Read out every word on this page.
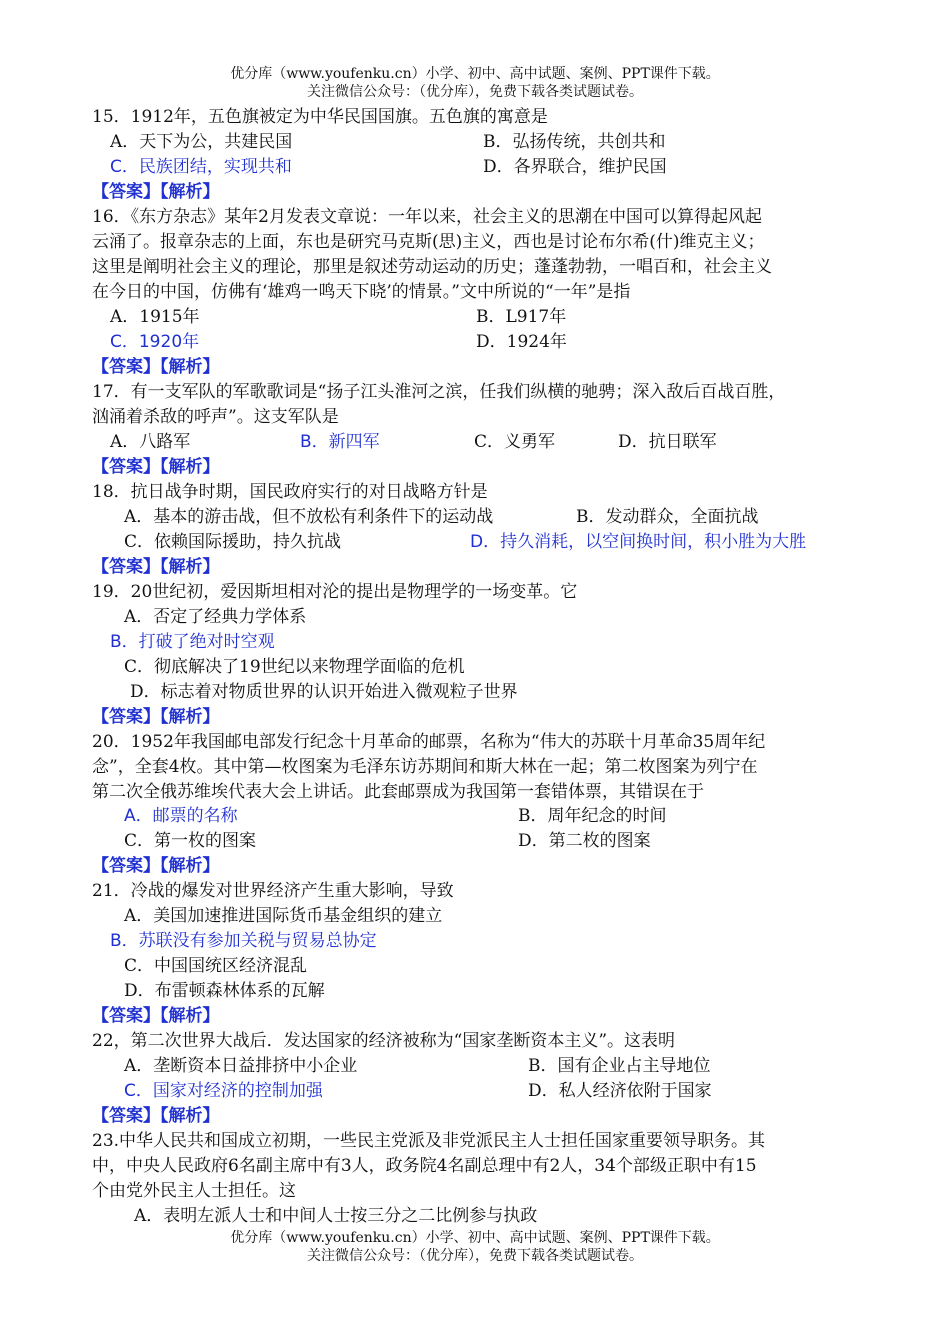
优分库（www.youfenku.cn）小学、初中、高中试题、案例、PPT课件下载。
关注微信公众号：（优分库），免费下载各类试题试卷。
15．1912年，五色旗被定为中华民国国旗。五色旗的寓意是
A．天下为公，共建民国	B．弘扬传统，共创共和
C．民族团结，实现共和	D．各界联合，维护民国
【答案】【解析】
16．《东方杂志》某年2月发表文章说：一年以来，社会主义的思潮在中国可以算得起风起
云涌了。报章杂志的上面，东也是研究马克斯(思)主义，西也是讨论布尔希(什)维克主义；
这里是阐明社会主义的理论，那里是叙述劳动运动的历史；蓬蓬勃勃，一唱百和，社会主义
在今日的中国，仿佛有‘雄鸡一鸣天下晓’的情景。”文中所说的“一年”是指
A．1915年	B．L917年
C．1920年	D．1924年
【答案】【解析】
17．有一支军队的军歌歌词是“扬子江头淮河之滨，任我们纵横的驰骋；深入敌后百战百胜，
汹涌着杀敌的呼声”。这支军队是
A．八路军	B．新四军	C．义勇军	D．抗日联军
【答案】【解析】
18．抗日战争时期，国民政府实行的对日战略方针是
A．基本的游击战，但不放松有利条件下的运动战	B．发动群众，全面抗战
C．依赖国际援助，持久抗战	D．持久消耗，以空间换时间，积小胜为大胜
【答案】【解析】
19．20世纪初，爱因斯坦相对沦的提出是物理学的一场变革。它
A．否定了经典力学体系
B．打破了绝对时空观
C．彻底解决了19世纪以来物理学面临的危机
D．标志着对物质世界的认识开始进入微观粒子世界
【答案】【解析】
20．1952年我国邮电部发行纪念十月革命的邮票，名称为“伟大的苏联十月革命35周年纪
念”，全套4枚。其中第—枚图案为毛泽东访苏期间和斯大林在一起；第二枚图案为列宁在
第二次全俄苏维埃代表大会上讲话。此套邮票成为我国第一套错体票，其错误在于
A．邮票的名称	B．周年纪念的时间
C．第一枚的图案	D．第二枚的图案
【答案】【解析】
21．冷战的爆发对世界经济产生重大影响，导致
A．美国加速推进国际货币基金组织的建立
B．苏联没有参加关税与贸易总协定
C．中国国统区经济混乱
D．布雷顿森林体系的瓦解
【答案】【解析】
22，第二次世界大战后．发达国家的经济被称为“国家垄断资本主义”。这表明
A．垄断资本日益排挤中小企业	B．国有企业占主导地位
C．国家对经济的控制加强	D．私人经济依附于国家
【答案】【解析】
23.中华人民共和国成立初期，一些民主党派及非党派民主人士担任国家重要领导职务。其
中，中央人民政府6名副主席中有3人，政务院4名副总理中有2人，34个部级正职中有15
个由党外民主人士担任。这
A．表明左派人士和中间人士按三分之二比例参与执政
优分库（www.youfenku.cn）小学、初中、高中试题、案例、PPT课件下载。
关注微信公众号：（优分库），免费下载各类试题试卷。
